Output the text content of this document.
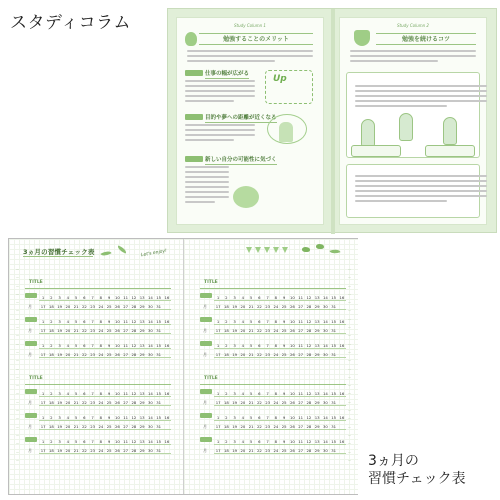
スタディコラム
3ヵ月の
習慣チェック表
Study Column 1
勉強することのメリット
仕事の幅が広がる	Up
目的や夢への距離が近くなる
新しい自分の可能性に気づく
Study Column 2
勉強を続けるコツ
3ヵ月の習慣チェック表	Let's enjoy!
—
—
—
—
—
—
—
—
—
—
—
—
—
—
—
—
—
—
—
—
—
—
—
—
TITLE
月
1	2	3	4	5	6	7	8	9	10 11 12 13 14 15 16
17 18 19 20 21 22 23 24 25 26 27 28 29 30 31
月
1	2	3	4	5	6	7	8	9	10 11 12 13 14 15 16
17 18 19 20 21 22 23 24 25 26 27 28 29 30 31
月
1	2	3	4	5	6	7	8	9	10 11 12 13 14 15 16
17 18 19 20 21 22 23 24 25 26 27 28 29 30 31
TITLE
月
1	2	3	4	5	6	7	8	9	10 11 12 13 14 15 16
17 18 19 20 21 22 23 24 25 26 27 28 29 30 31
月
1	2	3	4	5	6	7	8	9	10 11 12 13 14 15 16
17 18 19 20 21 22 23 24 25 26 27 28 29 30 31
月
1	2	3	4	5	6	7	8	9	10 11 12 13 14 15 16
17 18 19 20 21 22 23 24 25 26 27 28 29 30 31
—
—
—
—
—
—
—
—
—
—
—
—
—
—
—
—
—
—
—
—
—
—
—
—
TITLE
月
1	2	3	4	5	6	7	8	9	10 11 12 13 14 15 16
17 18 19 20 21 22 23 24 25 26 27 28 29 30 31
月
1	2	3	4	5	6	7	8	9	10 11 12 13 14 15 16
17 18 19 20 21 22 23 24 25 26 27 28 29 30 31
月
1	2	3	4	5	6	7	8	9	10 11 12 13 14 15 16
17 18 19 20 21 22 23 24 25 26 27 28 29 30 31
TITLE
月
1	2	3	4	5	6	7	8	9	10 11 12 13 14 15 16
17 18 19 20 21 22 23 24 25 26 27 28 29 30 31
月
1	2	3	4	5	6	7	8	9	10 11 12 13 14 15 16
17 18 19 20 21 22 23 24 25 26 27 28 29 30 31
月
1	2	3	4	5	6	7	8	9	10 11 12 13 14 15 16
17 18 19 20 21 22 23 24 25 26 27 28 29 30 31
